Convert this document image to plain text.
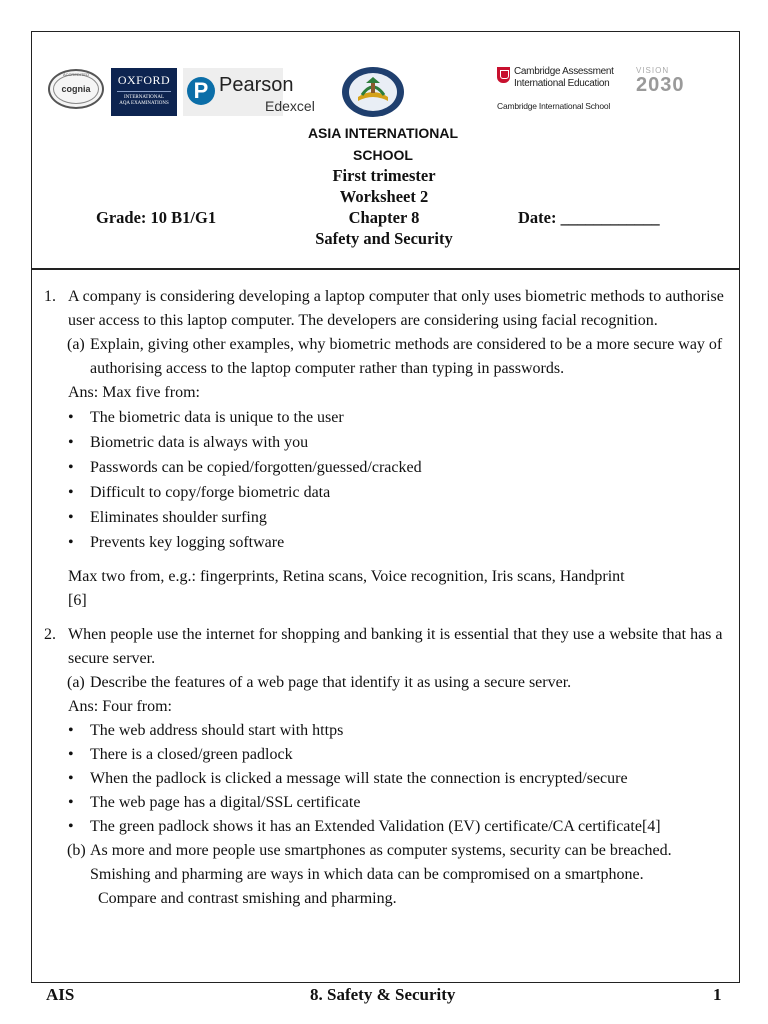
ACCREDITED
cognia
OXFORD
INTERNATIONAL
AQA EXAMINATIONS
P Pearson
Edexcel
Cambridge Assessment
International Education
Cambridge International School
VISION
2030
ASIA INTERNATIONAL
SCHOOL
First trimester
Worksheet 2
Chapter 8
Safety and Security
Grade: 10 B1/G1	Date: ____________
1. A company is considering developing a laptop computer that only uses biometric methods to authorise user access to this laptop computer. The developers are considering using facial recognition.
(a) Explain, giving other examples, why biometric methods are considered to be a more secure way of authorising access to the laptop computer rather than typing in passwords.
Ans: Max five from:
• The biometric data is unique to the user
• Biometric data is always with you
• Passwords can be copied/forgotten/guessed/cracked
• Difficult to copy/forge biometric data
• Eliminates shoulder surfing
• Prevents key logging software
Max two from, e.g.: fingerprints, Retina scans, Voice recognition, Iris scans, Handprint
[6]
2. When people use the internet for shopping and banking it is essential that they use a website that has a secure server.
(a) Describe the features of a web page that identify it as using a secure server.
Ans: Four from:
• The web address should start with https
• There is a closed/green padlock
• When the padlock is clicked a message will state the connection is encrypted/secure
• The web page has a digital/SSL certificate
• The green padlock shows it has an Extended Validation (EV) certificate/CA certificate[4]
(b) As more and more people use smartphones as computer systems, security can be breached. Smishing and pharming are ways in which data can be compromised on a smartphone.
Compare and contrast smishing and pharming.
AIS	8. Safety & Security	1
